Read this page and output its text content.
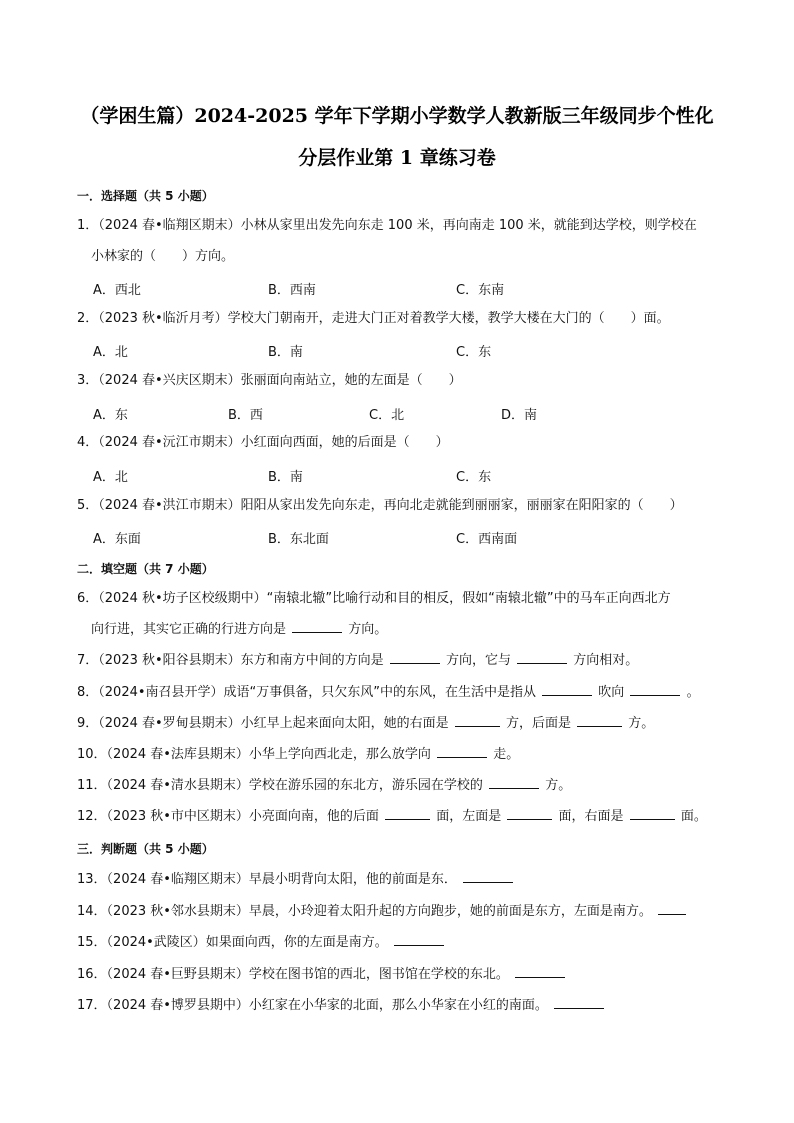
（学困生篇）2024-2025 学年下学期小学数学人教新版三年级同步个性化
分层作业第 1 章练习卷
一．选择题（共 5 小题）
1．（2024 春•临翔区期末）小林从家里出发先向东走 100 米，再向南走 100 米，就能到达学校，则学校在
小林家的（　　）方向。
A．西北	B．西南	C．东南
2．（2023 秋•临沂月考）学校大门朝南开，走进大门正对着教学大楼，教学大楼在大门的（　　）面。
A．北	B．南	C．东
3．（2024 春•兴庆区期末）张丽面向南站立，她的左面是（　　）
A．东	B．西	C．北	D．南
4．（2024 春•沅江市期末）小红面向西面，她的后面是（　　）
A．北	B．南	C．东
5．（2024 春•洪江市期末）阳阳从家出发先向东走，再向北走就能到丽丽家，丽丽家在阳阳家的（　　）
A．东面	B．东北面	C．西南面
二．填空题（共 7 小题）
6．（2024 秋•坊子区校级期中）“南辕北辙”比喻行动和目的相反，假如“南辕北辙”中的马车正向西北方
向行进，其实它正确的行进方向是	方向。
7．（2023 秋•阳谷县期末）东方和南方中间的方向是	方向，它与	方向相对。
8．（2024•南召县开学）成语“万事俱备，只欠东风”中的东风，在生活中是指从	吹向	。
9．（2024 春•罗甸县期末）小红早上起来面向太阳，她的右面是	方，后面是	方。
10．（2024 春•法库县期末）小华上学向西北走，那么放学向	走。
11．（2024 春•清水县期末）学校在游乐园的东北方，游乐园在学校的	方。
12．（2023 秋•市中区期末）小亮面向南，他的后面	面，左面是	面，右面是	面。
三．判断题（共 5 小题）
13．（2024 春•临翔区期末）早晨小明背向太阳，他的前面是东．
14．（2023 秋•邻水县期末）早晨，小玲迎着太阳升起的方向跑步，她的前面是东方，左面是南方。
15．（2024•武陵区）如果面向西，你的左面是南方。
16．（2024 春•巨野县期末）学校在图书馆的西北，图书馆在学校的东北。
17．（2024 春•博罗县期中）小红家在小华家的北面，那么小华家在小红的南面。
